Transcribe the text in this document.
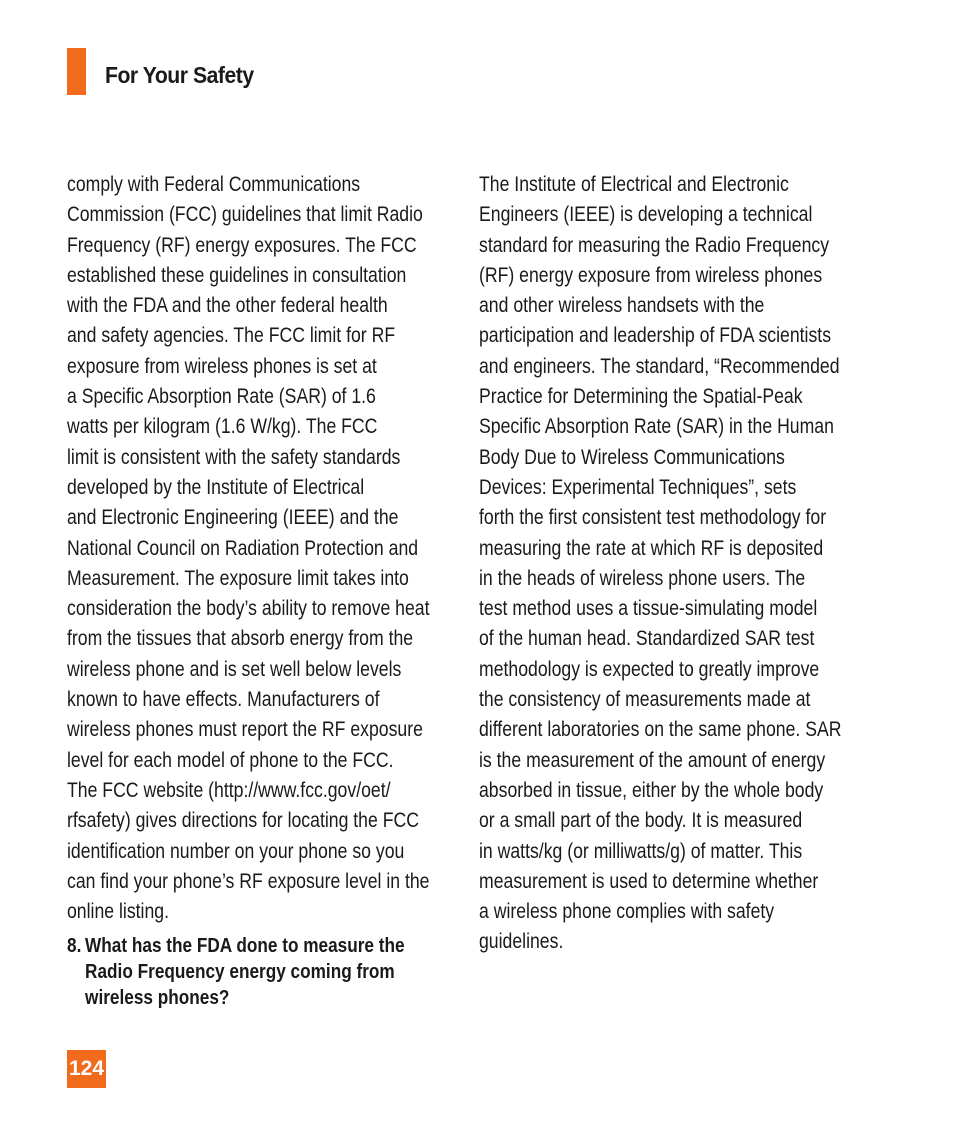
For Your Safety
comply with Federal Communications
Commission (FCC) guidelines that limit Radio
Frequency (RF) energy exposures. The FCC
established these guidelines in consultation
with the FDA and the other federal health
and safety agencies. The FCC limit for RF
exposure from wireless phones is set at
a Specific Absorption Rate (SAR) of 1.6
watts per kilogram (1.6 W/kg). The FCC
limit is consistent with the safety standards
developed by the Institute of Electrical
and Electronic Engineering (IEEE) and the
National Council on Radiation Protection and
Measurement. The exposure limit takes into
consideration the body’s ability to remove heat
from the tissues that absorb energy from the
wireless phone and is set well below levels
known to have effects. Manufacturers of
wireless phones must report the RF exposure
level for each model of phone to the FCC.
The FCC website (http://www.fcc.gov/oet/
rfsafety) gives directions for locating the FCC
identification number on your phone so you
can find your phone’s RF exposure level in the
online listing.
8. What has the FDA done to measure the
Radio Frequency energy coming from
wireless phones?
The Institute of Electrical and Electronic
Engineers (IEEE) is developing a technical
standard for measuring the Radio Frequency
(RF) energy exposure from wireless phones
and other wireless handsets with the
participation and leadership of FDA scientists
and engineers. The standard, “Recommended
Practice for Determining the Spatial-Peak
Specific Absorption Rate (SAR) in the Human
Body Due to Wireless Communications
Devices: Experimental Techniques”, sets
forth the first consistent test methodology for
measuring the rate at which RF is deposited
in the heads of wireless phone users. The
test method uses a tissue-simulating model
of the human head. Standardized SAR test
methodology is expected to greatly improve
the consistency of measurements made at
different laboratories on the same phone. SAR
is the measurement of the amount of energy
absorbed in tissue, either by the whole body
or a small part of the body. It is measured
in watts/kg (or milliwatts/g) of matter. This
measurement is used to determine whether
a wireless phone complies with safety
guidelines.
124
